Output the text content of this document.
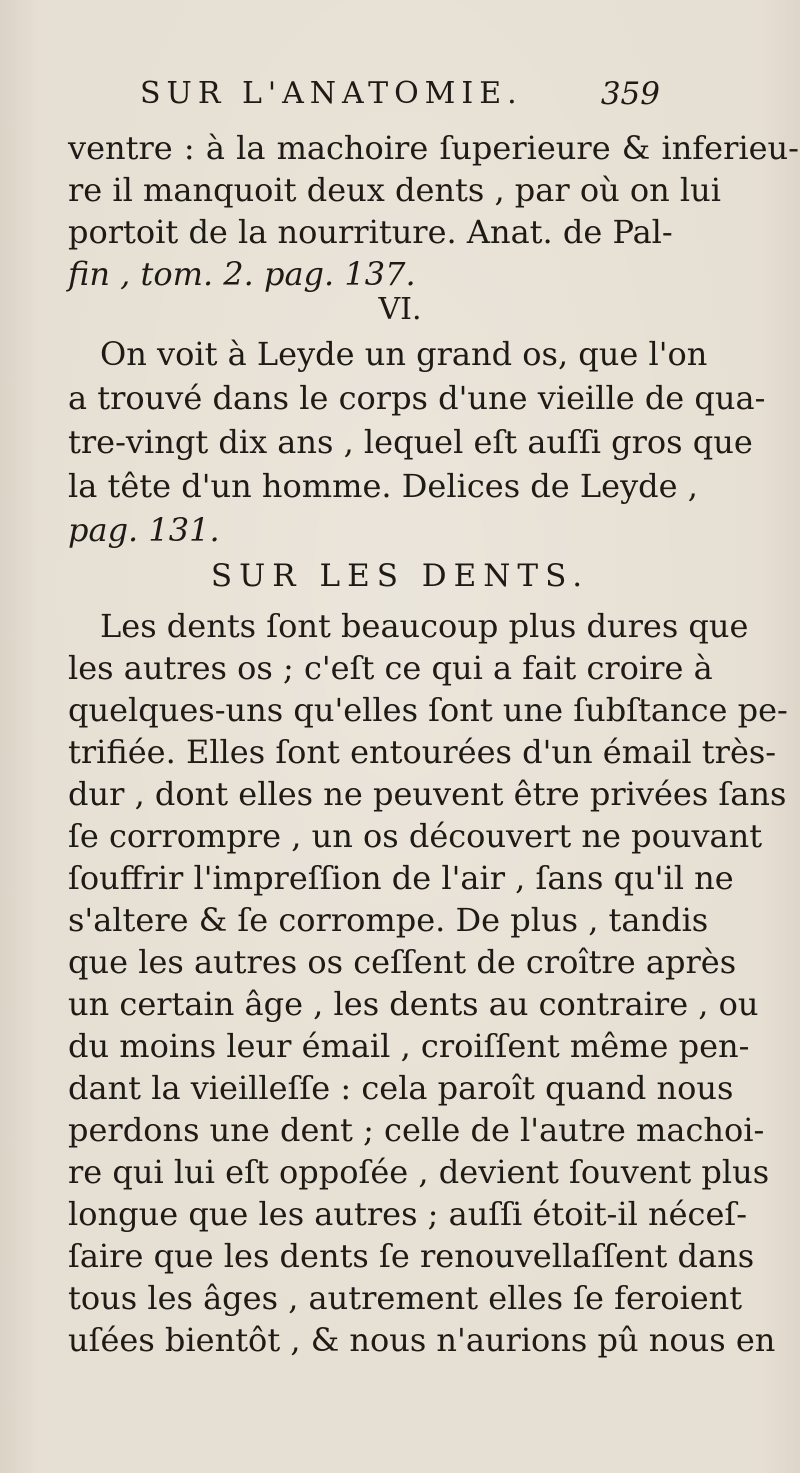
SUR L'ANATOMIE.	359
ventre : à la machoire ſuperieure & inferieu-
re il manquoit deux dents , par où on lui
portoit de la nourriture. Anat. de Pal-
fin , tom. 2. pag. 137.
VI.
On voit à Leyde un grand os, que l'on
a trouvé dans le corps d'une vieille de qua-
tre-vingt dix ans , lequel eſt auſſi gros que
la tête d'un homme. Delices de Leyde ,
pag. 131.
SUR LES DENTS.
Les dents ſont beaucoup plus dures que
les autres os ; c'eſt ce qui a fait croire à
quelques-uns qu'elles ſont une ſubſtance pe-
trifiée. Elles ſont entourées d'un émail très-
dur , dont elles ne peuvent être privées ſans
ſe corrompre , un os découvert ne pouvant
ſouffrir l'impreſſion de l'air , ſans qu'il ne
s'altere & ſe corrompe. De plus , tandis
que les autres os ceſſent de croître après
un certain âge , les dents au contraire , ou
du moins leur émail , croiſſent même pen-
dant la vieilleſſe : cela paroît quand nous
perdons une dent ; celle de l'autre machoi-
re qui lui eſt oppoſée , devient ſouvent plus
longue que les autres ; auſſi étoit-il néceſ-
ſaire que les dents ſe renouvellaſſent dans
tous les âges , autrement elles ſe feroient
uſées bientôt , & nous n'aurions pû nous en
